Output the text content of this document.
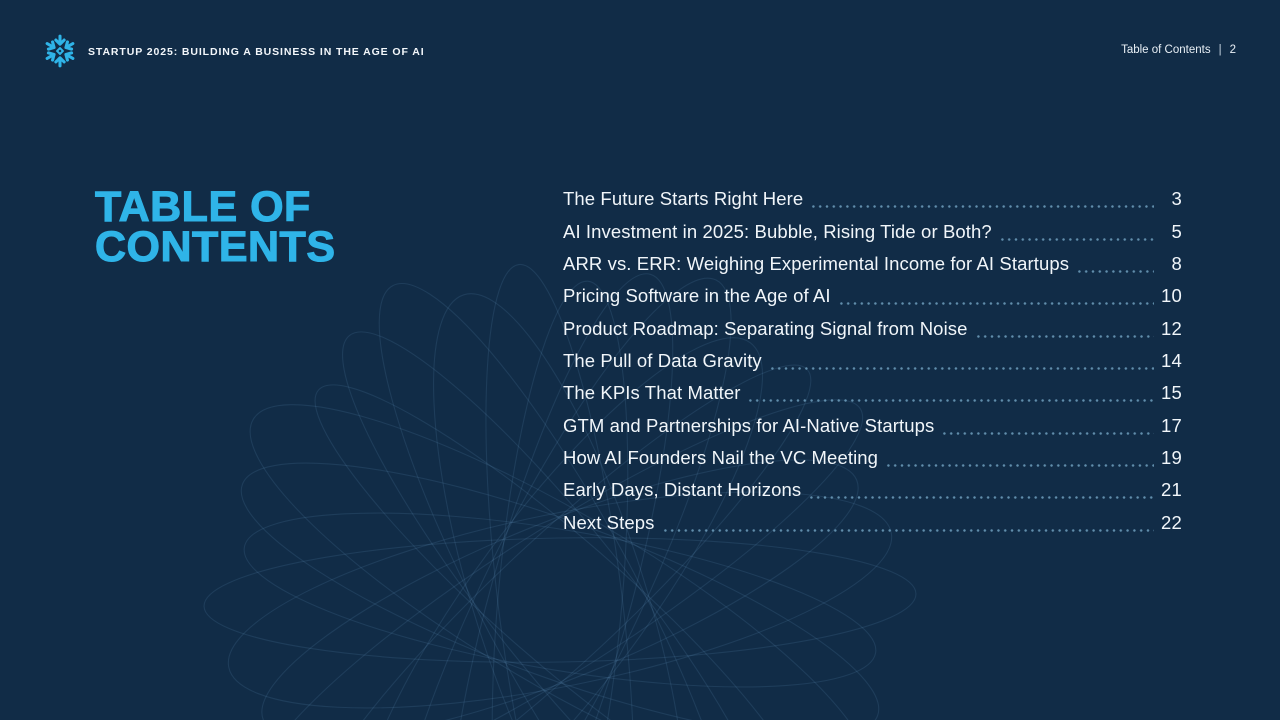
STARTUP 2025: BUILDING A BUSINESS IN THE AGE OF AI	Table of Contents | 2
TABLE OF
CONTENTS
The Future Starts Right Here	3
AI Investment in 2025: Bubble, Rising Tide or Both?	5
ARR vs. ERR: Weighing Experimental Income for AI Startups	8
Pricing Software in the Age of AI	10
Product Roadmap: Separating Signal from Noise	12
The Pull of Data Gravity	14
The KPIs That Matter	15
GTM and Partnerships for AI-Native Startups	17
How AI Founders Nail the VC Meeting	19
Early Days, Distant Horizons	21
Next Steps	22
